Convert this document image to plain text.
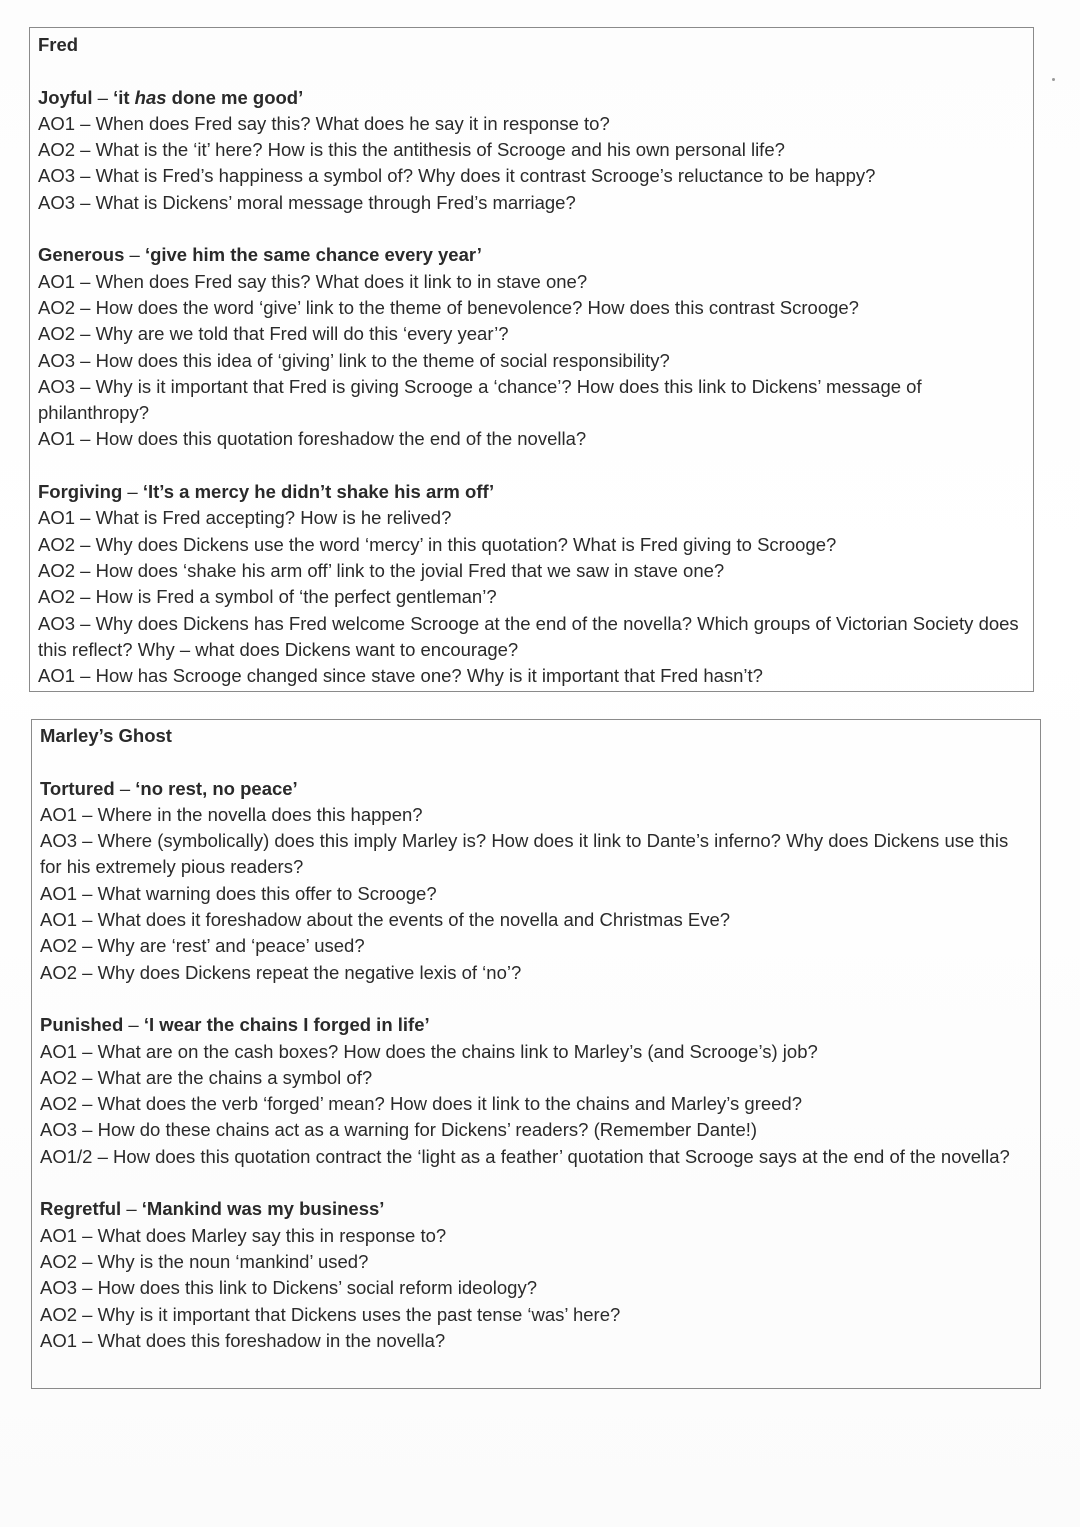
Fred

Joyful – ‘it has done me good’

AO1 – When does Fred say this? What does he say it in response to?

AO2 – What is the ‘it’ here? How is this the antithesis of Scrooge and his own personal life?

AO3 – What is Fred’s happiness a symbol of? Why does it contrast Scrooge’s reluctance to be happy?

AO3 – What is Dickens’ moral message through Fred’s marriage?

Generous – ‘give him the same chance every year’

AO1 – When does Fred say this? What does it link to in stave one?

AO2 – How does the word ‘give’ link to the theme of benevolence? How does this contrast Scrooge?

AO2 – Why are we told that Fred will do this ‘every year’?

AO3 – How does this idea of ‘giving’ link to the theme of social responsibility?

AO3 – Why is it important that Fred is giving Scrooge a ‘chance’? How does this link to Dickens’ message of philanthropy?

AO1 – How does this quotation foreshadow the end of the novella?

Forgiving – ‘It’s a mercy he didn’t shake his arm off’

AO1 – What is Fred accepting? How is he relived?

AO2 – Why does Dickens use the word ‘mercy’ in this quotation? What is Fred giving to Scrooge?

AO2 – How does ‘shake his arm off’ link to the jovial Fred that we saw in stave one?

AO2 – How is Fred a symbol of ‘the perfect gentleman’?

AO3 – Why does Dickens has Fred welcome Scrooge at the end of the novella? Which groups of Victorian Society does this reflect? Why – what does Dickens want to encourage?

AO1 – How has Scrooge changed since stave one? Why is it important that Fred hasn’t?

Marley’s Ghost

Tortured – ‘no rest, no peace’

AO1 – Where in the novella does this happen?

AO3 – Where (symbolically) does this imply Marley is? How does it link to Dante’s inferno? Why does Dickens use this for his extremely pious readers?

AO1 – What warning does this offer to Scrooge?

AO1 – What does it foreshadow about the events of the novella and Christmas Eve?

AO2 – Why are ‘rest’ and ‘peace’ used?

AO2 – Why does Dickens repeat the negative lexis of ‘no’?

Punished – ‘I wear the chains I forged in life’

AO1 – What are on the cash boxes? How does the chains link to Marley’s (and Scrooge’s) job?

AO2 – What are the chains a symbol of?

AO2 – What does the verb ‘forged’ mean? How does it link to the chains and Marley’s greed?

AO3 – How do these chains act as a warning for Dickens’ readers? (Remember Dante!)

AO1/2 – How does this quotation contract the ‘light as a feather’ quotation that Scrooge says at the end of the novella?

Regretful – ‘Mankind was my business’

AO1 – What does Marley say this in response to?

AO2 – Why is the noun ‘mankind’ used?

AO3 – How does this link to Dickens’ social reform ideology?

AO2 – Why is it important that Dickens uses the past tense ‘was’ here?

AO1 – What does this foreshadow in the novella?
